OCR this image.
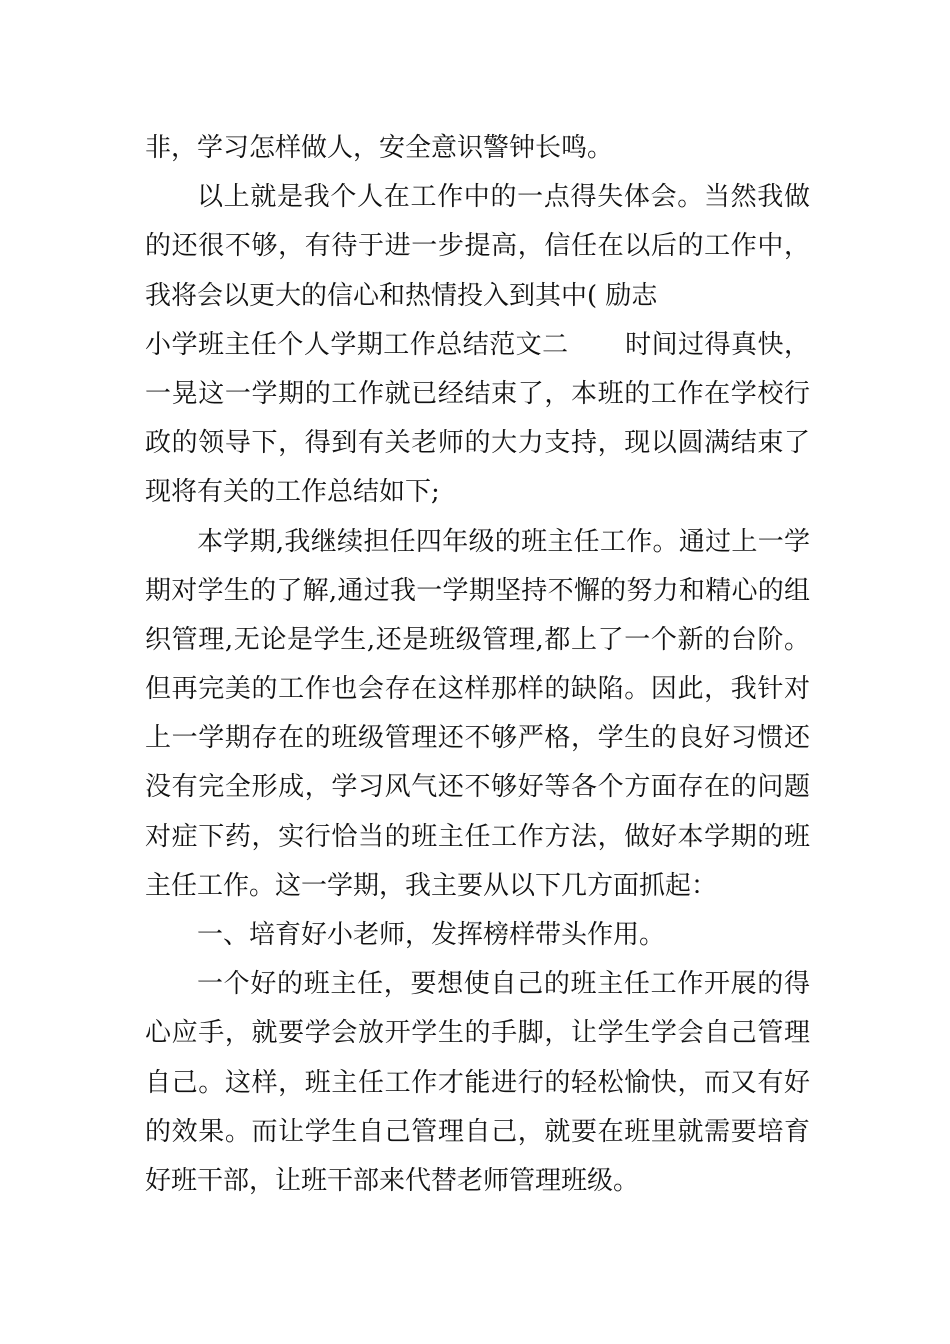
非，学习怎样做人，安全意识警钟长鸣。
以上就是我个人在工作中的一点得失体会。当然我做
的还很不够，有待于进一步提高，信任在以后的工作中，
我将会以更大的信心和热情投入到其中( 励志
小学班主任个人学期工作总结范文二 时间过得真快，
一晃这一学期的工作就已经结束了，本班的工作在学校行
政的领导下，得到有关老师的大力支持，现以圆满结束了
现将有关的工作总结如下;
本学期,我继续担任四年级的班主任工作。通过上一学
期对学生的了解,通过我一学期坚持不懈的努力和精心的组
织管理,无论是学生,还是班级管理,都上了一个新的台阶。
但再完美的工作也会存在这样那样的缺陷。因此，我针对
上一学期存在的班级管理还不够严格，学生的良好习惯还
没有完全形成，学习风气还不够好等各个方面存在的问题
对症下药，实行恰当的班主任工作方法，做好本学期的班
主任工作。这一学期，我主要从以下几方面抓起：
一、培育好小老师，发挥榜样带头作用。
一个好的班主任，要想使自己的班主任工作开展的得
心应手，就要学会放开学生的手脚，让学生学会自己管理
自己。这样，班主任工作才能进行的轻松愉快，而又有好
的效果。而让学生自己管理自己，就要在班里就需要培育
好班干部，让班干部来代替老师管理班级。
